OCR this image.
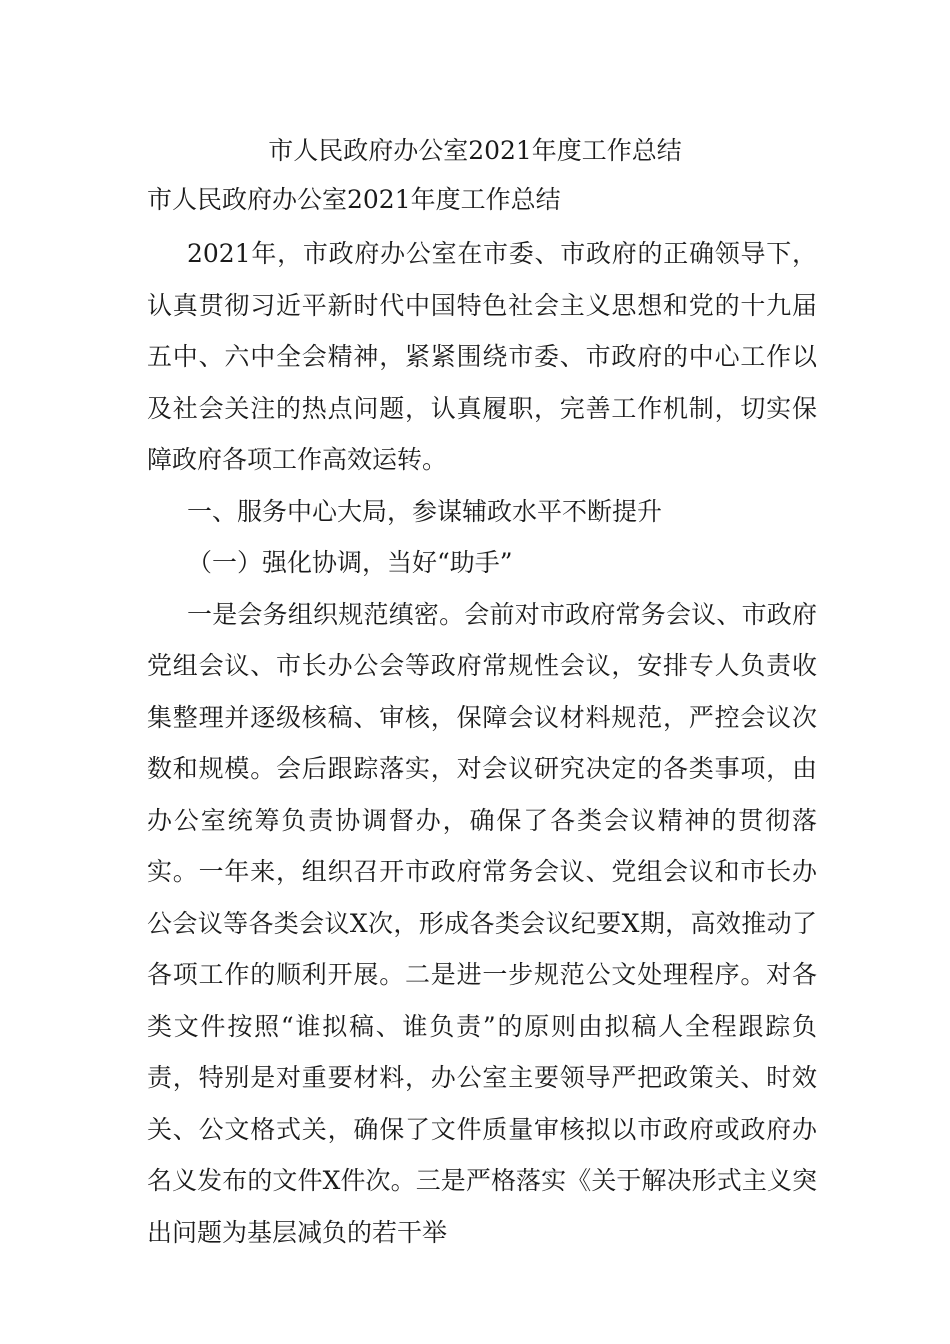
市人民政府办公室2021年度工作总结
市人民政府办公室2021年度工作总结

2021年，市政府办公室在市委、市政府的正确领导下，认真贯彻习近平新时代中国特色社会主义思想和党的十九届五中、六中全会精神，紧紧围绕市委、市政府的中心工作以及社会关注的热点问题，认真履职，完善工作机制，切实保障政府各项工作高效运转。

一、服务中心大局，参谋辅政水平不断提升

（一）强化协调，当好“助手”

一是会务组织规范缜密。会前对市政府常务会议、市政府党组会议、市长办公会等政府常规性会议，安排专人负责收集整理并逐级核稿、审核，保障会议材料规范，严控会议次数和规模。会后跟踪落实，对会议研究决定的各类事项，由办公室统筹负责协调督办，确保了各类会议精神的贯彻落实。一年来，组织召开市政府常务会议、党组会议和市长办公会议等各类会议X次，形成各类会议纪要X期，高效推动了各项工作的顺利开展。二是进一步规范公文处理程序。对各类文件按照“谁拟稿、谁负责”的原则由拟稿人全程跟踪负责，特别是对重要材料，办公室主要领导严把政策关、时效关、公文格式关，确保了文件质量审核拟以市政府或政府办名义发布的文件X件次。三是严格落实《关于解决形式主义突出问题为基层减负的若干举
